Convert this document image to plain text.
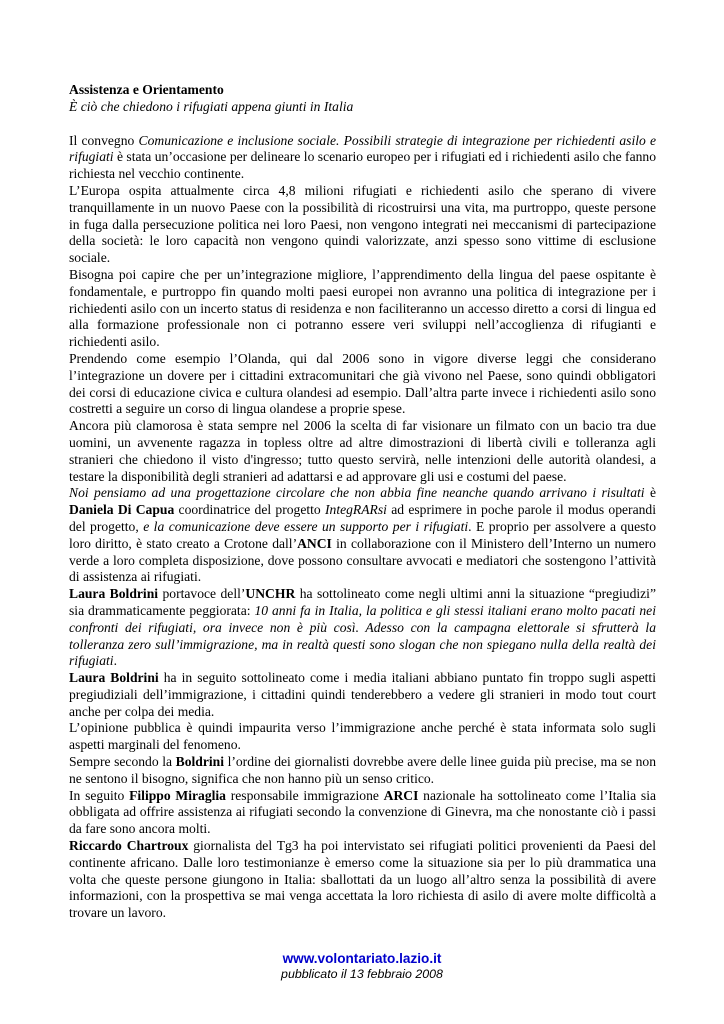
Assistenza e Orientamento
È ciò che chiedono i rifugiati appena giunti in Italia

Il convegno Comunicazione e inclusione sociale. Possibili strategie di integrazione per richiedenti asilo e rifugiati è stata un’occasione per delineare lo scenario europeo per i rifugiati ed i richiedenti asilo che fanno richiesta nel vecchio continente.

L’Europa ospita attualmente circa 4,8 milioni rifugiati e richiedenti asilo che sperano di vivere tranquillamente in un nuovo Paese con la possibilità di ricostruirsi una vita, ma purtroppo, queste persone in fuga dalla persecuzione politica nei loro Paesi, non vengono integrati nei meccanismi di partecipazione della società: le loro capacità non vengono quindi valorizzate, anzi spesso sono vittime di esclusione sociale.

Bisogna poi capire che per un’integrazione migliore, l’apprendimento della lingua del paese ospitante è fondamentale, e purtroppo fin quando molti paesi europei non avranno una politica di integrazione per i richiedenti asilo con un incerto status di residenza e non faciliteranno un accesso diretto a corsi di lingua ed alla formazione professionale non ci potranno essere veri sviluppi nell’accoglienza di rifugianti e richiedenti asilo.

Prendendo come esempio l’Olanda, qui dal 2006 sono in vigore diverse leggi che considerano l’integrazione un dovere per i cittadini extracomunitari che già vivono nel Paese, sono quindi obbligatori dei corsi di educazione civica e cultura olandesi ad esempio. Dall’altra parte invece i richiedenti asilo sono costretti a seguire un corso di lingua olandese a proprie spese.

Ancora più clamorosa è stata sempre nel 2006 la scelta di far visionare un filmato con un bacio tra due uomini, un avvenente ragazza in topless oltre ad altre dimostrazioni di libertà civili e tolleranza agli stranieri che chiedono il visto d'ingresso; tutto questo servirà, nelle intenzioni delle autorità olandesi, a testare la disponibilità degli stranieri ad adattarsi e ad approvare gli usi e costumi del paese.

Noi pensiamo ad una progettazione circolare che non abbia fine neanche quando arrivano i risultati è Daniela Di Capua coordinatrice del progetto IntegRARsi ad esprimere in poche parole il modus operandi del progetto, e la comunicazione deve essere un supporto per i rifugiati. E proprio per assolvere a questo loro diritto, è stato creato a Crotone dall’ANCI in collaborazione con il Ministero dell’Interno un numero verde a loro completa disposizione, dove possono consultare avvocati e mediatori che sostengono l’attività di assistenza ai rifugiati.

Laura Boldrini portavoce dell’UNCHR ha sottolineato come negli ultimi anni la situazione “pregiudizi” sia drammaticamente peggiorata: 10 anni fa in Italia, la politica e gli stessi italiani erano molto pacati nei confronti dei rifugiati, ora invece non è più così. Adesso con la campagna elettorale si sfrutterà la tolleranza zero sull’immigrazione, ma in realtà questi sono slogan che non spiegano nulla della realtà dei rifugiati.

Laura Boldrini ha in seguito sottolineato come i media italiani abbiano puntato fin troppo sugli aspetti pregiudiziali dell’immigrazione, i cittadini quindi tenderebbero a vedere gli stranieri in modo tout court anche per colpa dei media.

L’opinione pubblica è quindi impaurita verso l’immigrazione anche perché è stata informata solo sugli aspetti marginali del fenomeno.

Sempre secondo la Boldrini l’ordine dei giornalisti dovrebbe avere delle linee guida più precise, ma se non ne sentono il bisogno, significa che non hanno più un senso critico.

In seguito Filippo Miraglia responsabile immigrazione ARCI nazionale ha sottolineato come l’Italia sia obbligata ad offrire assistenza ai rifugiati secondo la convenzione di Ginevra, ma che nonostante ciò i passi da fare sono ancora molti.

Riccardo Chartroux giornalista del Tg3 ha poi intervistato sei rifugiati politici provenienti da Paesi del continente africano. Dalle loro testimonianze è emerso come la situazione sia per lo più drammatica una volta che queste persone giungono in Italia: sballottati da un luogo all’altro senza la possibilità di avere informazioni, con la prospettiva se mai venga accettata la loro richiesta di asilo di avere molte difficoltà a trovare un lavoro.

www.volontariato.lazio.it
pubblicato il 13 febbraio 2008
